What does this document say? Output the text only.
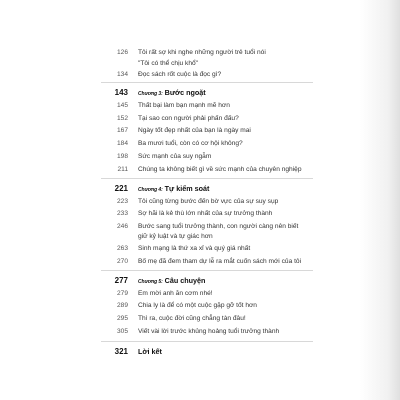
126 Tôi rất sợ khi nghe những người trẻ tuổi nói
"Tôi có thể chịu khổ"
134 Đọc sách rốt cuộc là đọc gì?
143 Chương 3: Bước ngoặt
145 Thất bại làm bạn mạnh mẽ hơn
152 Tại sao con người phải phấn đấu?
167 Ngày tốt đẹp nhất của bạn là ngày mai
184 Ba mươi tuổi, còn có cơ hội không?
198 Sức mạnh của suy ngẫm
211 Chúng ta không biết gì về sức mạnh của chuyên nghiệp
221 Chương 4: Tự kiểm soát
223 Tôi cũng từng bước đến bờ vực của sự suy sụp
233 Sợ hãi là kẻ thù lớn nhất của sự trưởng thành
246 Bước sang tuổi trưởng thành, con người càng nên biết
giữ kỷ luật và tự giác hơn
263 Sinh mạng là thứ xa xỉ và quý giá nhất
270 Bố mẹ đã đem tham dự lễ ra mắt cuốn sách mới của tôi
277 Chương 5: Câu chuyện
279 Em mời anh ăn cơm nhé!
289 Chia ly là để có một cuộc gặp gỡ tốt hơn
295 Thì ra, cuộc đời cũng chẳng tàn đâu!
305 Viết vài lời trước khủng hoảng tuổi trưởng thành
321 Lời kết
